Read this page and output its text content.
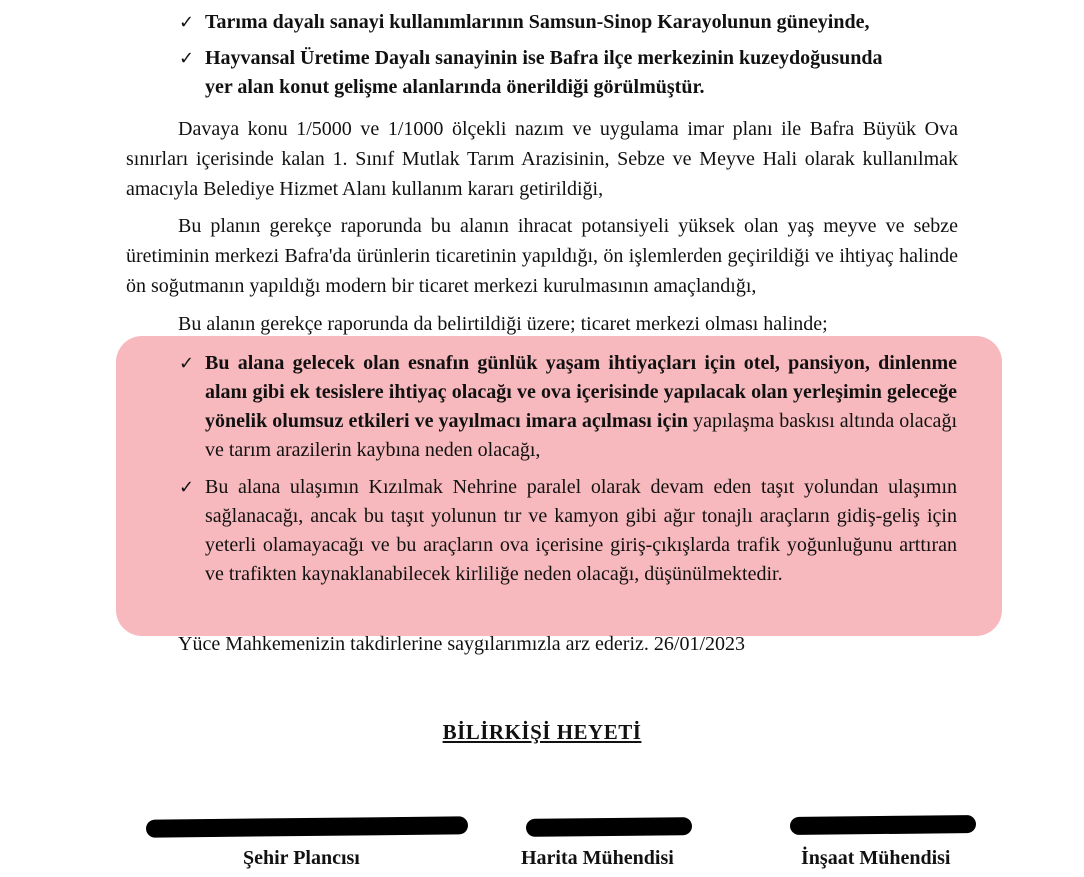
✓ Tarıma dayalı sanayi kullanımlarının Samsun-Sinop Karayolunun güneyinde,
✓ Hayvansal Üretime Dayalı sanayinin ise Bafra ilçe merkezinin kuzeydoğusunda
yer alan konut gelişme alanlarında önerildiği görülmüştür.
Davaya konu 1/5000 ve 1/1000 ölçekli nazım ve uygulama imar planı ile Bafra Büyük Ova sınırları içerisinde kalan 1. Sınıf Mutlak Tarım Arazisinin, Sebze ve Meyve Hali olarak kullanılmak amacıyla Belediye Hizmet Alanı kullanım kararı getirildiği,
Bu planın gerekçe raporunda bu alanın ihracat potansiyeli yüksek olan yaş meyve ve sebze üretiminin merkezi Bafra'da ürünlerin ticaretinin yapıldığı, ön işlemlerden geçirildiği ve ihtiyaç halinde ön soğutmanın yapıldığı modern bir ticaret merkezi kurulmasının amaçlandığı,
Bu alanın gerekçe raporunda da belirtildiği üzere; ticaret merkezi olması halinde;
✓ Bu alana gelecek olan esnafın günlük yaşam ihtiyaçları için otel, pansiyon, dinlenme alanı gibi ek tesislere ihtiyaç olacağı ve ova içerisinde yapılacak olan yerleşimin geleceğe yönelik olumsuz etkileri ve yayılmacı imara açılması için yapılaşma baskısı altında olacağı ve tarım arazilerin kaybına neden olacağı,
✓ Bu alana ulaşımın Kızılmak Nehrine paralel olarak devam eden taşıt yolundan ulaşımın sağlanacağı, ancak bu taşıt yolunun tır ve kamyon gibi ağır tonajlı araçların gidiş-geliş için yeterli olamayacağı ve bu araçların ova içerisine giriş-çıkışlarda trafik yoğunluğunu arttıran ve trafikten kaynaklanabilecek kirliliğe neden olacağı, düşünülmektedir.
Yüce Mahkemenizin takdirlerine saygılarımızla arz ederiz. 26/01/2023
BİLİRKİŞİ HEYETİ
Şehir Plancısı	Harita Mühendisi	İnşaat Mühendisi
